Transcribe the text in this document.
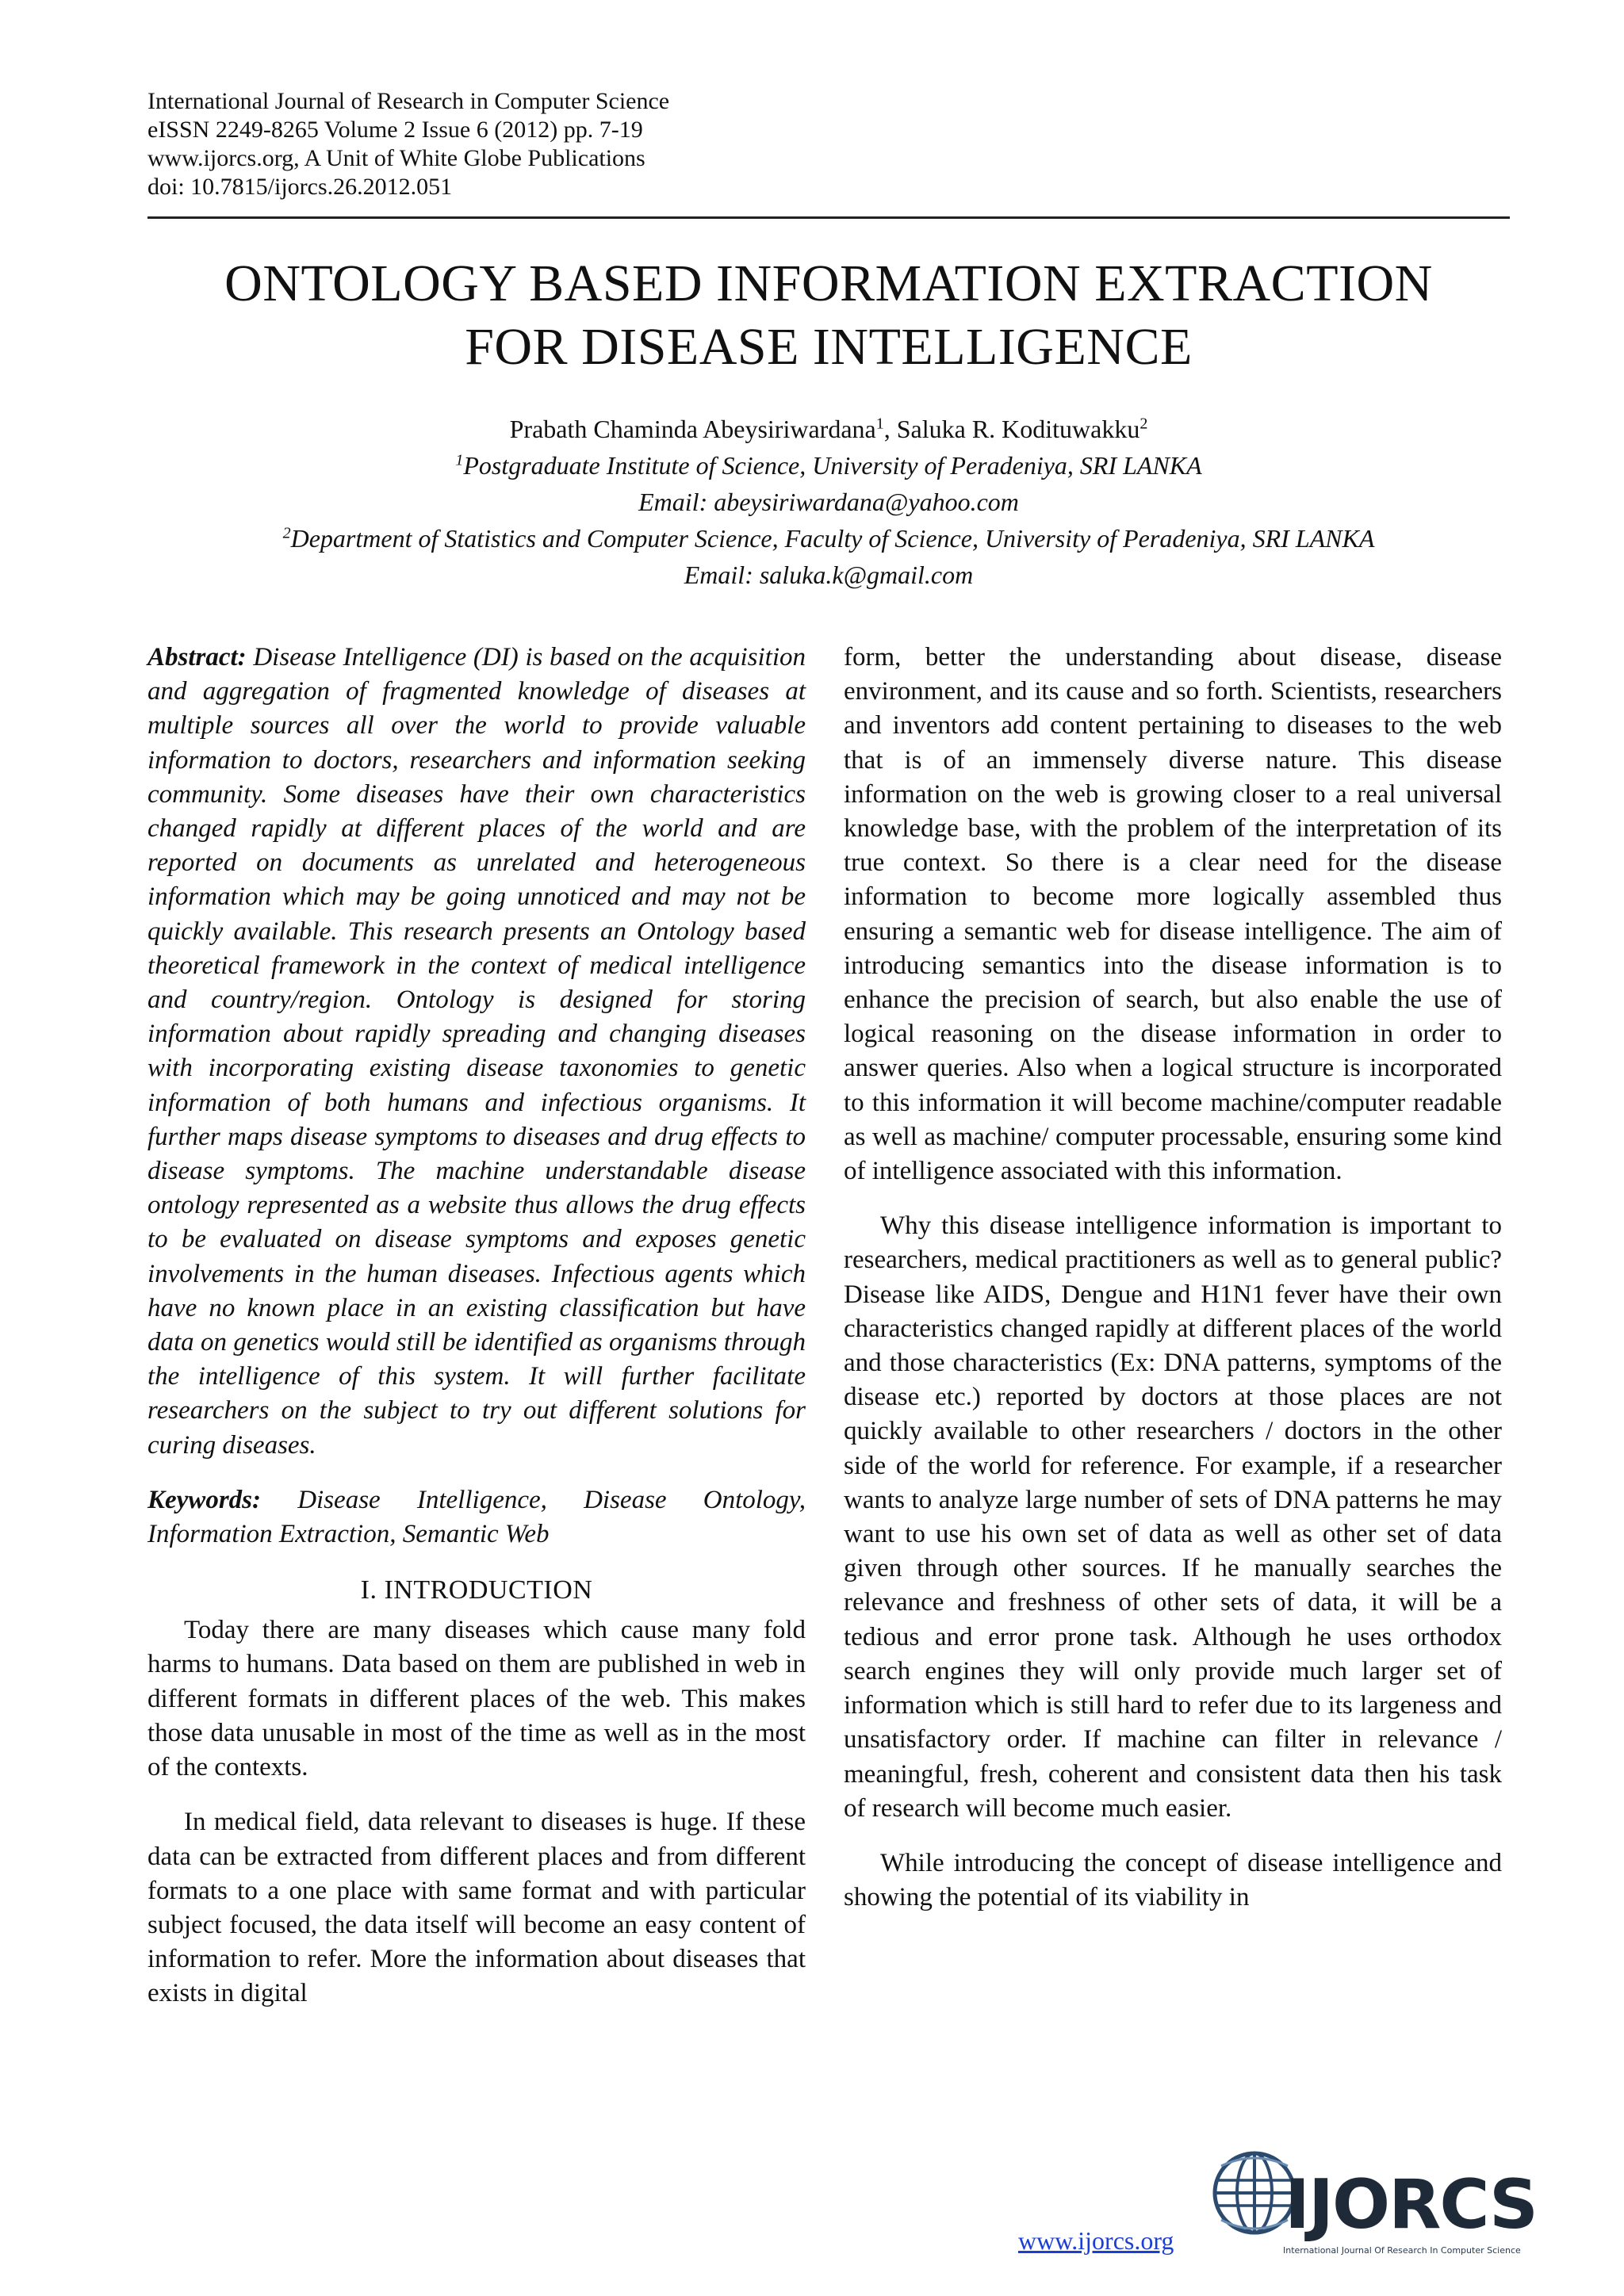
International Journal of Research in Computer Science
eISSN 2249-8265 Volume 2 Issue 6 (2012) pp. 7-19
www.ijorcs.org, A Unit of White Globe Publications
doi: 10.7815/ijorcs.26.2012.051
ONTOLOGY BASED INFORMATION EXTRACTION
FOR DISEASE INTELLIGENCE
Prabath Chaminda Abeysiriwardana$^1$, Saluka R. Kodituwakku$^2$
$^1$Postgraduate Institute of Science, University of Peradeniya, SRI LANKA
Email: abeysiriwardana@yahoo.com
$^2$Department of Statistics and Computer Science, Faculty of Science, University of Peradeniya, SRI LANKA
Email: saluka.k@gmail.com

Abstract: Disease Intelligence (DI) is based on the acquisition and aggregation of fragmented knowledge of diseases at multiple sources all over the world to provide valuable information to doctors, researchers and information seeking community. Some diseases have their own characteristics changed rapidly at different places of the world and are reported on documents as unrelated and heterogeneous information which may be going unnoticed and may not be quickly available. This research presents an Ontology based theoretical framework in the context of medical intelligence and country/region. Ontology is designed for storing information about rapidly spreading and changing diseases with incorporating existing disease taxonomies to genetic information of both humans and infectious organisms. It further maps disease symptoms to diseases and drug effects to disease symptoms. The machine understandable disease ontology represented as a website thus allows the drug effects to be evaluated on disease symptoms and exposes genetic involvements in the human diseases. Infectious agents which have no known place in an existing classification but have data on genetics would still be identified as organisms through the intelligence of this system. It will further facilitate researchers on the subject to try out different solutions for curing diseases.

Keywords: Disease Intelligence, Disease Ontology, Information Extraction, Semantic Web

I. INTRODUCTION

Today there are many diseases which cause many fold harms to humans. Data based on them are published in web in different formats in different places of the web. This makes those data unusable in most of the time as well as in the most of the contexts.

In medical field, data relevant to diseases is huge. If these data can be extracted from different places and from different formats to a one place with same format and with particular subject focused, the data itself will become an easy content of information to refer. More the information about diseases that exists in digital

form, better the understanding about disease, disease environment, and its cause and so forth. Scientists, researchers and inventors add content pertaining to diseases to the web that is of an immensely diverse nature. This disease information on the web is growing closer to a real universal knowledge base, with the problem of the interpretation of its true context. So there is a clear need for the disease information to become more logically assembled thus ensuring a semantic web for disease intelligence. The aim of introducing semantics into the disease information is to enhance the precision of search, but also enable the use of logical reasoning on the disease information in order to answer queries. Also when a logical structure is incorporated to this information it will become machine/computer readable as well as machine/ computer processable, ensuring some kind of intelligence associated with this information.

Why this disease intelligence information is important to researchers, medical practitioners as well as to general public? Disease like AIDS, Dengue and H1N1 fever have their own characteristics changed rapidly at different places of the world and those characteristics (Ex: DNA patterns, symptoms of the disease etc.) reported by doctors at those places are not quickly available to other researchers / doctors in the other side of the world for reference. For example, if a researcher wants to analyze large number of sets of DNA patterns he may want to use his own set of data as well as other set of data given through other sources. If he manually searches the relevance and freshness of other sets of data, it will be a tedious and error prone task. Although he uses orthodox search engines they will only provide much larger set of information which is still hard to refer due to its largeness and unsatisfactory order. If machine can filter in relevance / meaningful, fresh, coherent and consistent data then his task of research will become much easier.

While introducing the concept of disease intelligence and showing the potential of its viability in

www.ijorcs.org IJORCS
International Journal Of Research In Computer Science
